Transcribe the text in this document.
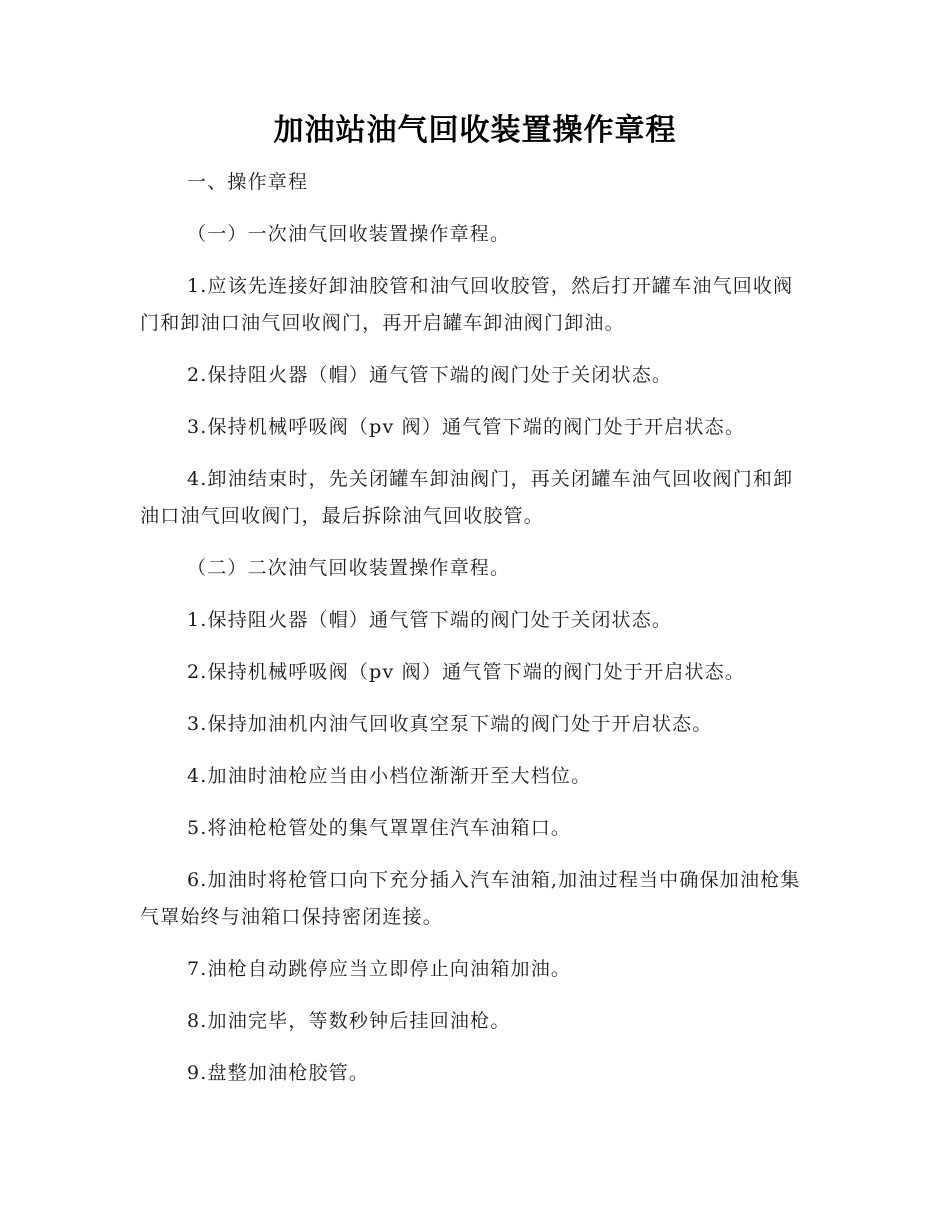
加油站油气回收装置操作章程

一、操作章程

（一）一次油气回收装置操作章程。

1.应该先连接好卸油胶管和油气回收胶管，然后打开罐车油气回收阀门和卸油口油气回收阀门，再开启罐车卸油阀门卸油。

2.保持阻火器（帽）通气管下端的阀门处于关闭状态。

3.保持机械呼吸阀（pv 阀）通气管下端的阀门处于开启状态。

4.卸油结束时，先关闭罐车卸油阀门，再关闭罐车油气回收阀门和卸油口油气回收阀门，最后拆除油气回收胶管。

（二）二次油气回收装置操作章程。

1.保持阻火器（帽）通气管下端的阀门处于关闭状态。

2.保持机械呼吸阀（pv 阀）通气管下端的阀门处于开启状态。

3.保持加油机内油气回收真空泵下端的阀门处于开启状态。

4.加油时油枪应当由小档位渐渐开至大档位。

5.将油枪枪管处的集气罩罩住汽车油箱口。

6.加油时将枪管口向下充分插入汽车油箱,加油过程当中确保加油枪集气罩始终与油箱口保持密闭连接。

7.油枪自动跳停应当立即停止向油箱加油。

8.加油完毕，等数秒钟后挂回油枪。

9.盘整加油枪胶管。
